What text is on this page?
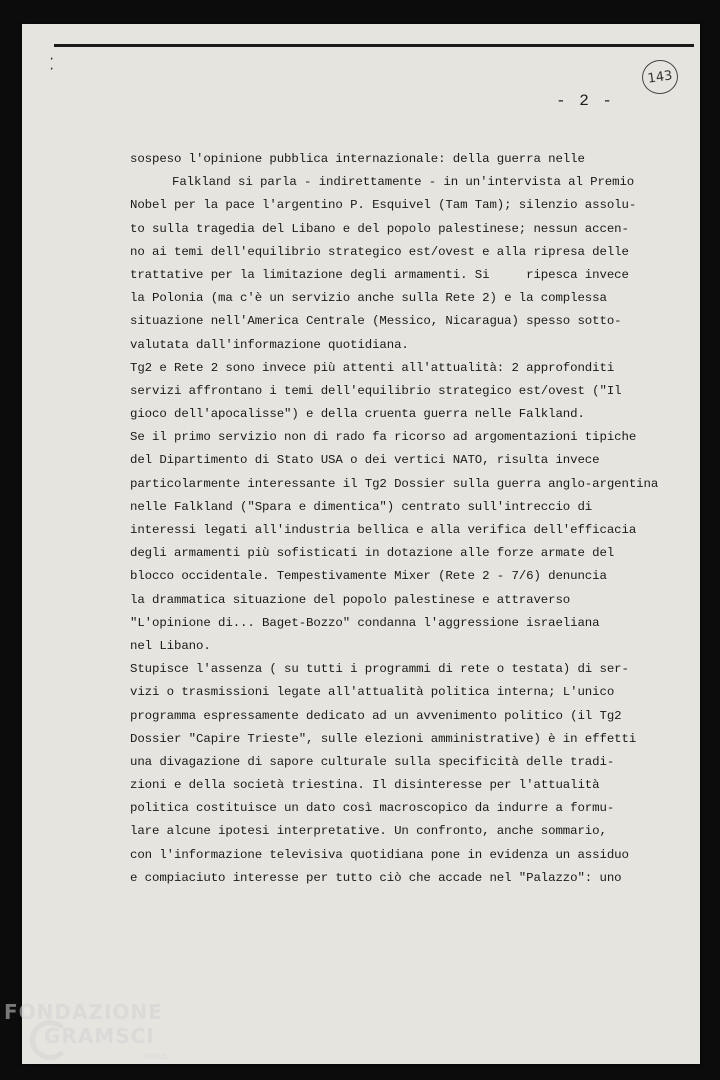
·
·
- 2 -
143
sospeso l'opinione pubblica internazionale: della guerra nelle
Falkland si parla - indirettamente - in un'intervista al Premio
Nobel per la pace l'argentino P. Esquivel (Tam Tam); silenzio assolu-
to sulla tragedia del Libano e del popolo palestinese; nessun accen-
no ai temi dell'equilibrio strategico est/ovest e alla ripresa delle
trattative per la limitazione degli armamenti. Si     ripesca invece
la Polonia (ma c'è un servizio anche sulla Rete 2) e la complessa
situazione nell'America Centrale (Messico, Nicaragua) spesso sotto-
valutata dall'informazione quotidiana.
Tg2 e Rete 2 sono invece più attenti all'attualità: 2 approfonditi
servizi affrontano i temi dell'equilibrio strategico est/ovest ("Il
gioco dell'apocalisse") e della cruenta guerra nelle Falkland.
Se il primo servizio non di rado fa ricorso ad argomentazioni tipiche
del Dipartimento di Stato USA o dei vertici NATO, risulta invece
particolarmente interessante il Tg2 Dossier sulla guerra anglo-argentina
nelle Falkland ("Spara e dimentica") centrato sull'intreccio di
interessi legati all'industria bellica e alla verifica dell'efficacia
degli armamenti più sofisticati in dotazione alle forze armate del
blocco occidentale. Tempestivamente Mixer (Rete 2 - 7/6) denuncia
la drammatica situazione del popolo palestinese e attraverso
"L'opinione di... Baget-Bozzo" condanna l'aggressione israeliana
nel Libano.
Stupisce l'assenza ( su tutti i programmi di rete o testata) di ser-
vizi o trasmissioni legate all'attualità politica interna; L'unico
programma espressamente dedicato ad un avvenimento politico (il Tg2
Dossier "Capire Trieste", sulle elezioni amministrative) è in effetti
una divagazione di sapore culturale sulla specificità delle tradi-
zioni e della società triestina. Il disinteresse per l'attualità
politica costituisce un dato così macroscopico da indurre a formu-
lare alcune ipotesi interpretative. Un confronto, anche sommario,
con l'informazione televisiva quotidiana pone in evidenza un assiduo
e compiaciuto interesse per tutto ciò che accade nel "Palazzo": uno
FONDAZIONE
GRAMSCI
onlus
